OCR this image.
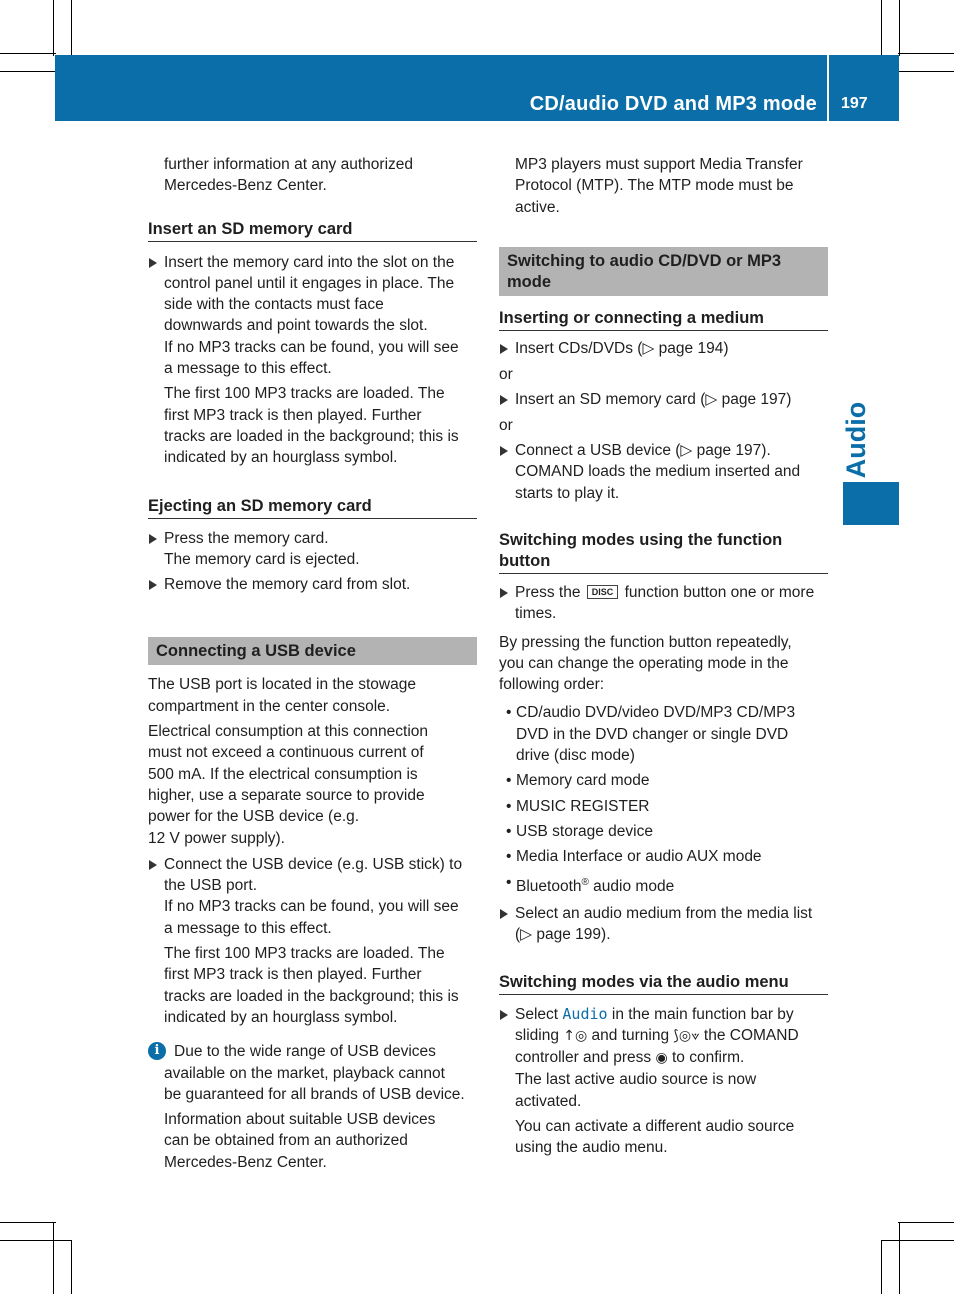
CD/audio DVD and MP3 mode 197
Audio

further information at any authorized
Mercedes-Benz Center.

Insert an SD memory card
Insert the memory card into the slot on the
control panel until it engages in place. The
side with the contacts must face
downwards and point towards the slot.
If no MP3 tracks can be found, you will see
a message to this effect.

The first 100 MP3 tracks are loaded. The
first MP3 track is then played. Further
tracks are loaded in the background; this is
indicated by an hourglass symbol.

Ejecting an SD memory card
Press the memory card.
The memory card is ejected.
Remove the memory card from slot.
Connecting a USB device

The USB port is located in the stowage
compartment in the center console.

Electrical consumption at this connection
must not exceed a continuous current of
500 mA. If the electrical consumption is
higher, use a separate source to provide
power for the USB device (e.g.
12 V power supply).

Connect the USB device (e.g. USB stick) to
the USB port.
If no MP3 tracks can be found, you will see
a message to this effect.

The first 100 MP3 tracks are loaded. The
first MP3 track is then played. Further
tracks are loaded in the background; this is
indicated by an hourglass symbol.

i Due to the wide range of USB devices
available on the market, playback cannot
be guaranteed for all brands of USB device.

Information about suitable USB devices
can be obtained from an authorized
Mercedes-Benz Center.

MP3 players must support Media Transfer
Protocol (MTP). The MTP mode must be
active.

Switching to audio CD/DVD or MP3
mode
Inserting or connecting a medium
Insert CDs/DVDs (▷ page 194)

or

Insert an SD memory card (▷ page 197)

or

Connect a USB device (▷ page 197).
COMAND loads the medium inserted and
starts to play it.
Switching modes using the function
button
Press the DISC function button one or more
times.

By pressing the function button repeatedly,
you can change the operating mode in the
following order:

• CD/audio DVD/video DVD/MP3 CD/MP3
DVD in the DVD changer or single DVD
drive (disc mode)
• Memory card mode
• MUSIC REGISTER
• USB storage device
• Media Interface or audio AUX mode
• Bluetooth® audio mode
Select an audio medium from the media list
(▷ page 199).
Switching modes via the audio menu
Select Audio in the main function bar by
sliding ↑◎ and turning ⟆◎⟇ the COMAND
controller and press ◉ to confirm.
The last active audio source is now
activated.

You can activate a different audio source
using the audio menu.
